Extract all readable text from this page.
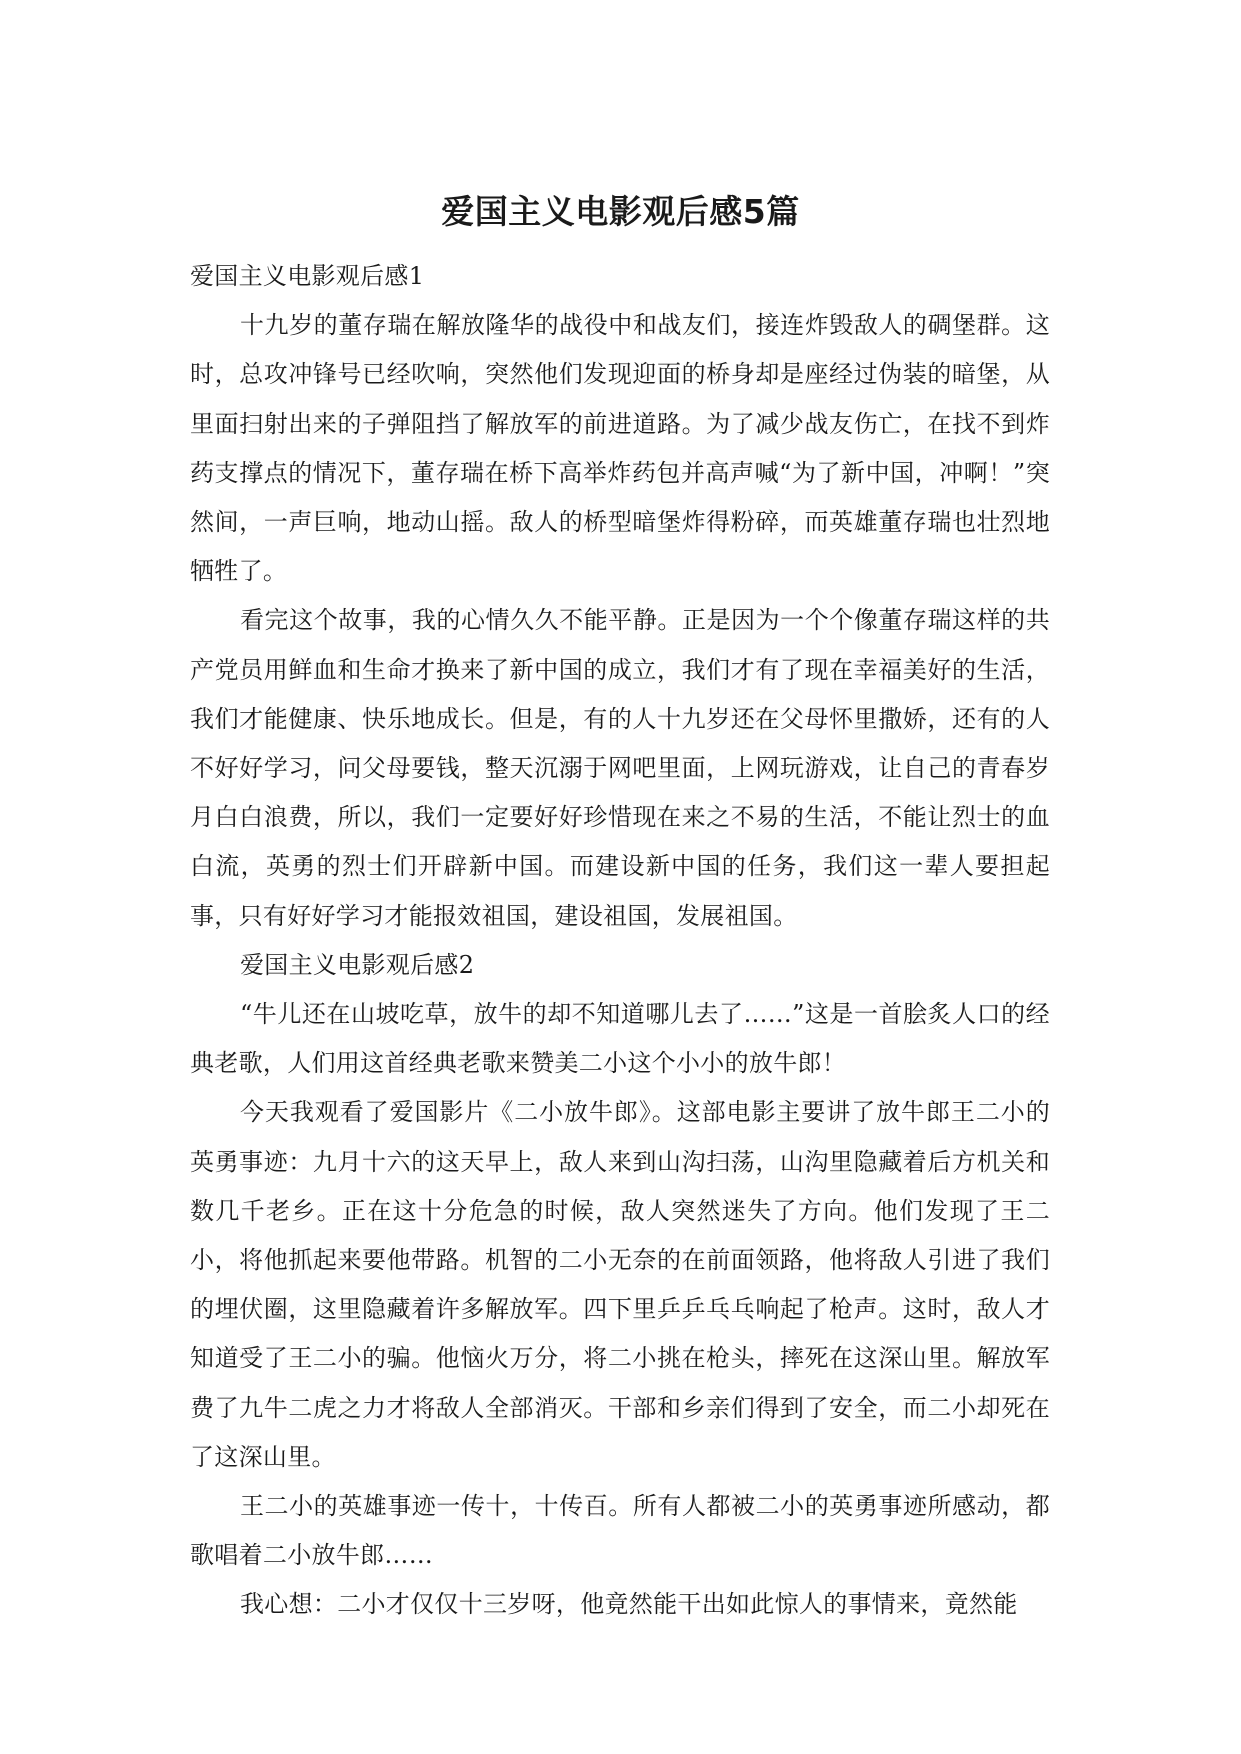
爱国主义电影观后感5篇

爱国主义电影观后感1

十九岁的董存瑞在解放隆华的战役中和战友们，接连炸毁敌人的碉堡群。这时，总攻冲锋号已经吹响，突然他们发现迎面的桥身却是座经过伪装的暗堡，从里面扫射出来的子弹阻挡了解放军的前进道路。为了减少战友伤亡，在找不到炸药支撑点的情况下，董存瑞在桥下高举炸药包并高声喊“为了新中国，冲啊！”突然间，一声巨响，地动山摇。敌人的桥型暗堡炸得粉碎，而英雄董存瑞也壮烈地牺牲了。

看完这个故事，我的心情久久不能平静。正是因为一个个像董存瑞这样的共产党员用鲜血和生命才换来了新中国的成立，我们才有了现在幸福美好的生活，我们才能健康、快乐地成长。但是，有的人十九岁还在父母怀里撒娇，还有的人不好好学习，问父母要钱，整天沉溺于网吧里面，上网玩游戏，让自己的青春岁月白白浪费，所以，我们一定要好好珍惜现在来之不易的生活，不能让烈士的血白流，英勇的烈士们开辟新中国。而建设新中国的任务，我们这一辈人要担起事，只有好好学习才能报效祖国，建设祖国，发展祖国。

爱国主义电影观后感2

“牛儿还在山坡吃草，放牛的却不知道哪儿去了……”这是一首脍炙人口的经典老歌，人们用这首经典老歌来赞美二小这个小小的放牛郎！

今天我观看了爱国影片《二小放牛郎》。这部电影主要讲了放牛郎王二小的英勇事迹：九月十六的这天早上，敌人来到山沟扫荡，山沟里隐藏着后方机关和数几千老乡。正在这十分危急的时候，敌人突然迷失了方向。他们发现了王二小，将他抓起来要他带路。机智的二小无奈的在前面领路，他将敌人引进了我们的埋伏圈，这里隐藏着许多解放军。四下里乒乒乓乓响起了枪声。这时，敌人才知道受了王二小的骗。他恼火万分，将二小挑在枪头，摔死在这深山里。解放军费了九牛二虎之力才将敌人全部消灭。干部和乡亲们得到了安全，而二小却死在了这深山里。

王二小的英雄事迹一传十，十传百。所有人都被二小的英勇事迹所感动，都歌唱着二小放牛郎……

我心想：二小才仅仅十三岁呀，他竟然能干出如此惊人的事情来，竟然能
